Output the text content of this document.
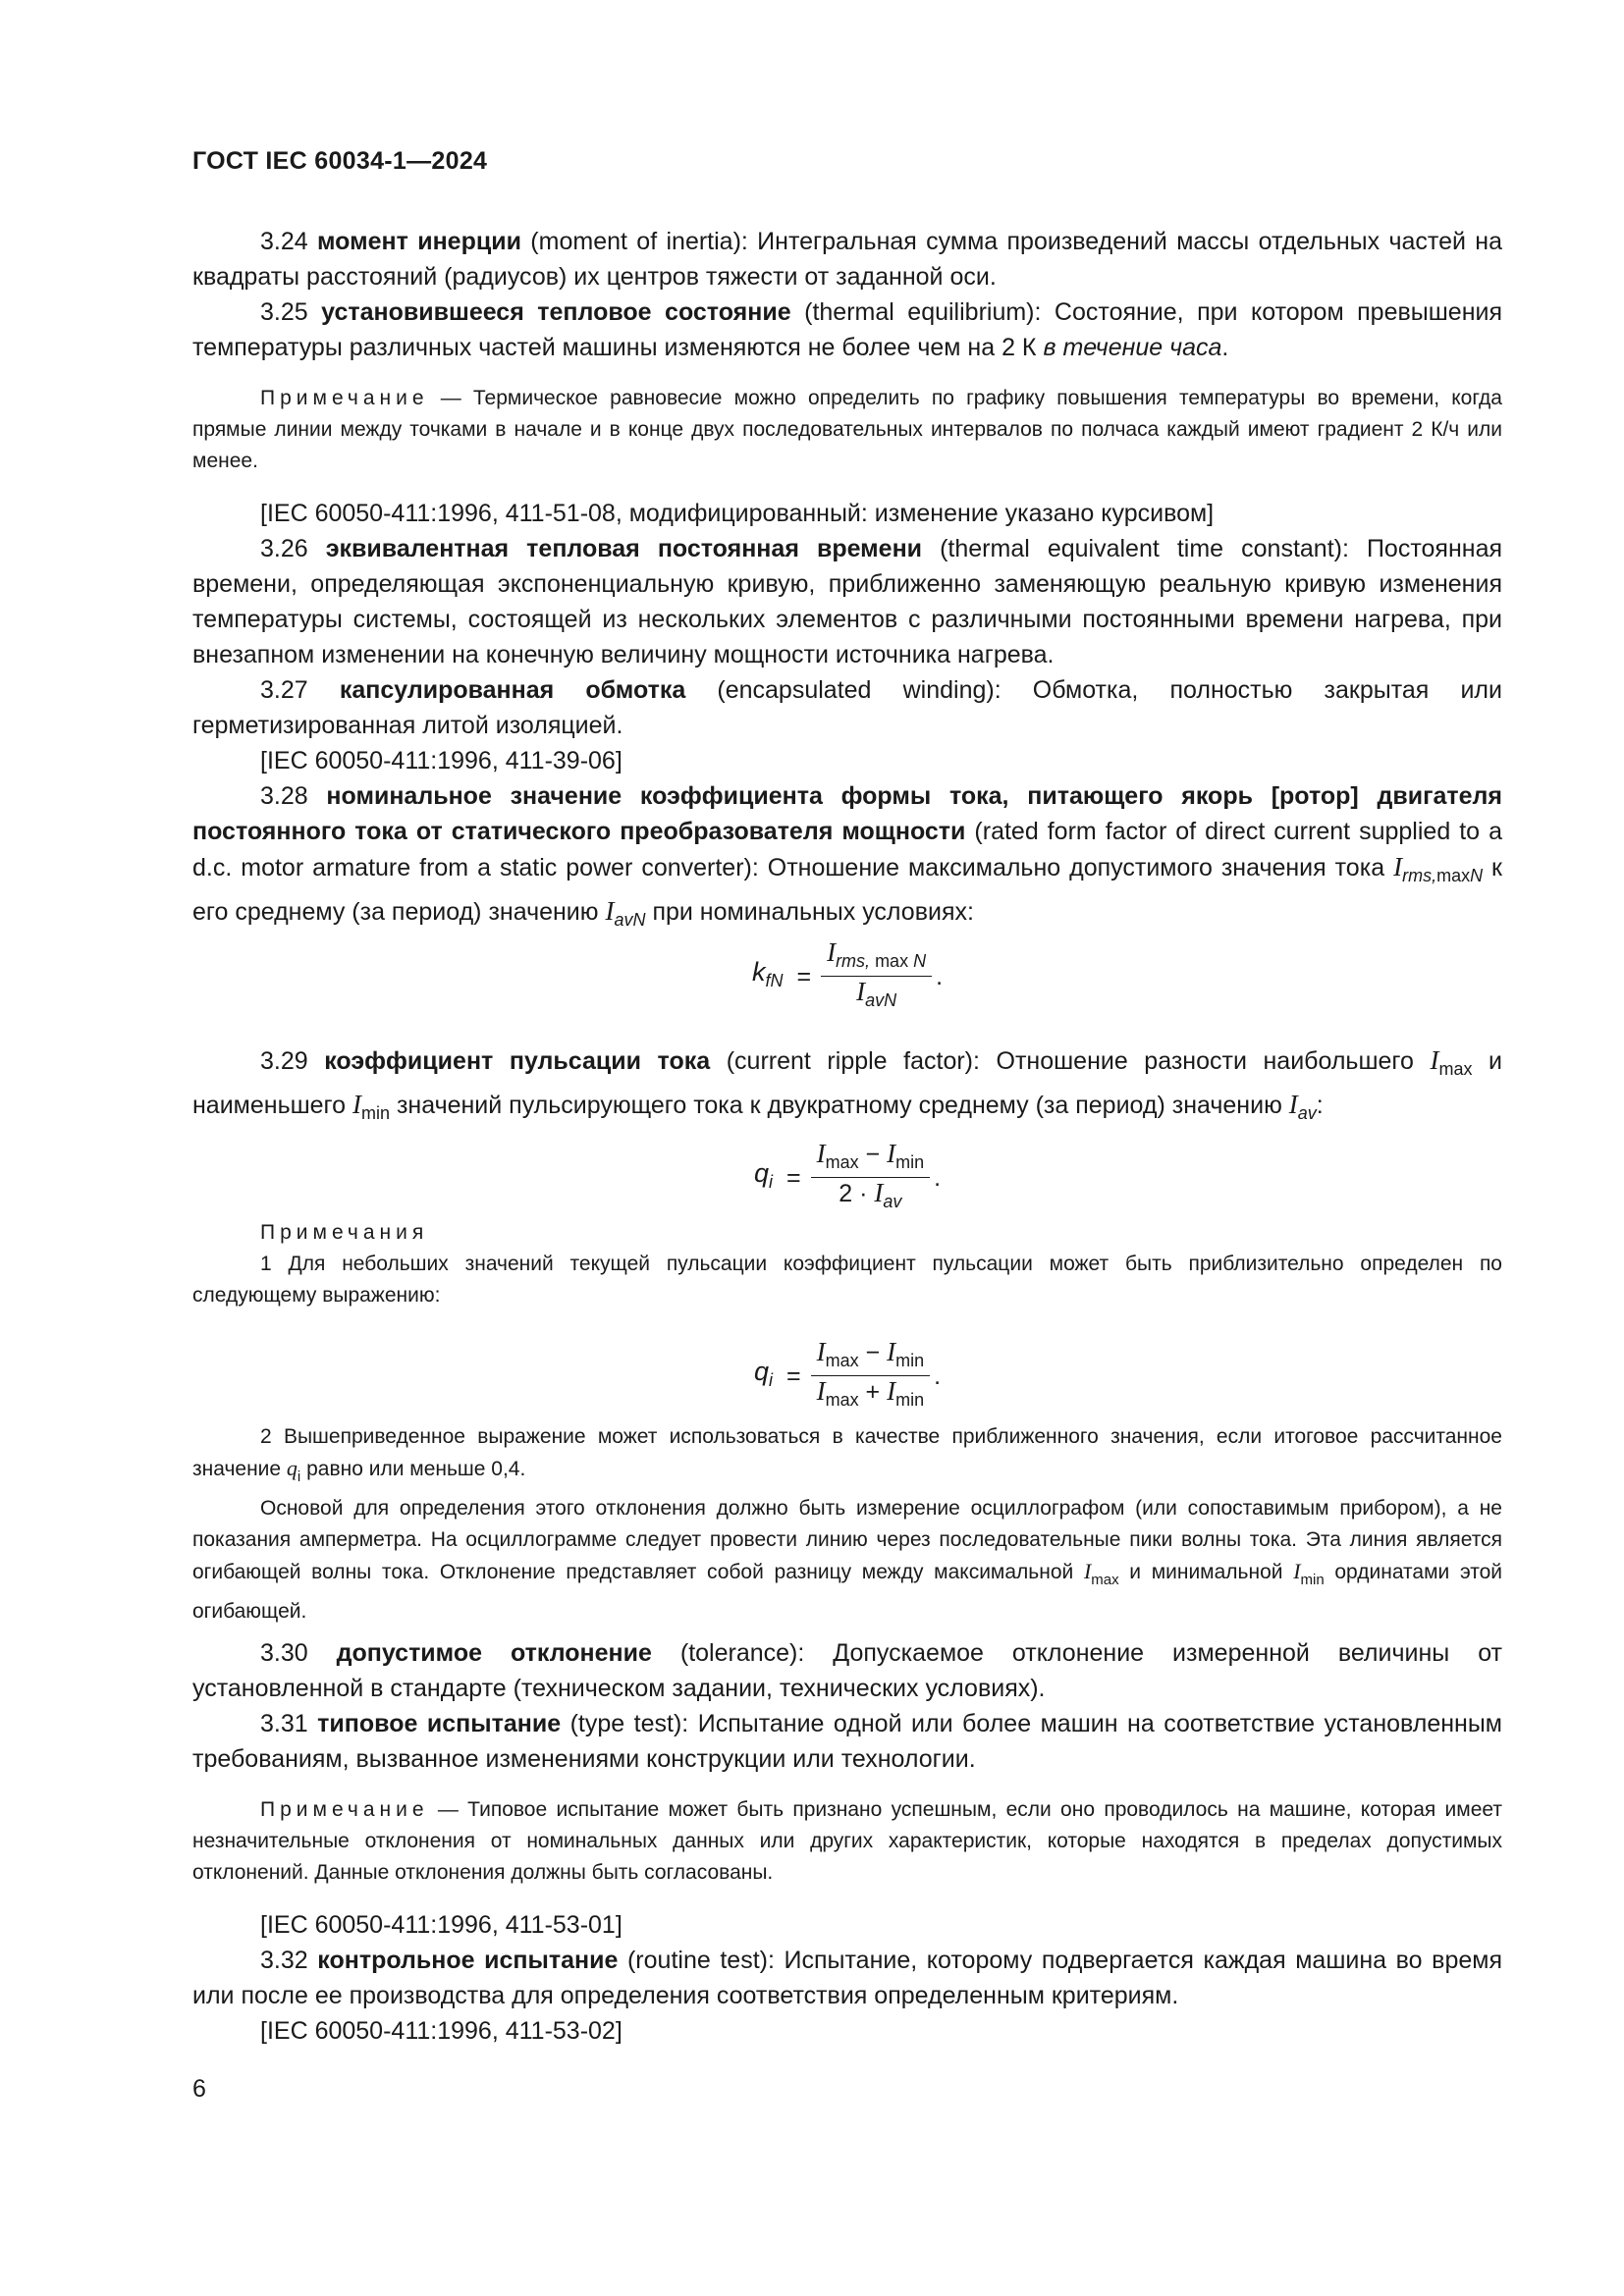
ГОСТ IEC 60034-1—2024

3.24 момент инерции (moment of inertia): Интегральная сумма произведений массы отдельных частей на квадраты расстояний (радиусов) их центров тяжести от заданной оси.

3.25 установившееся тепловое состояние (thermal equilibrium): Состояние, при котором превышения температуры различных частей машины изменяются не более чем на 2 К в течение часа.

Примечание — Термическое равновесие можно определить по графику повышения температуры во времени, когда прямые линии между точками в начале и в конце двух последовательных интервалов по полчаса каждый имеют градиент 2 К/ч или менее.

[IEC 60050-411:1996, 411-51-08, модифицированный: изменение указано курсивом]

3.26 эквивалентная тепловая постоянная времени (thermal equivalent time constant): Постоянная времени, определяющая экспоненциальную кривую, приближенно заменяющую реальную кривую изменения температуры системы, состоящей из нескольких элементов с различными постоянными времени нагрева, при внезапном изменении на конечную величину мощности источника нагрева.

3.27 капсулированная обмотка (encapsulated winding): Обмотка, полностью закрытая или герметизированная литой изоляцией.

[IEC 60050-411:1996, 411-39-06]

3.28 номинальное значение коэффициента формы тока, питающего якорь [ротор] двигателя постоянного тока от статического преобразователя мощности (rated form factor of direct current supplied to a d.c. motor armature from a static power converter): Отношение максимально допустимого значения тока $I_{rms,maxN}$ к его среднему (за период) значению $I_{avN}$ при номинальных условиях:

$k_{fN} = \frac{I_{rms, max N}}{I_{avN}}$ .

3.29 коэффициент пульсации тока (current ripple factor): Отношение разности наибольшего $I_{max}$ и наименьшего $I_{min}$ значений пульсирующего тока к двукратному среднему (за период) значению $I_{av}$:

$q_i = \frac{I_{max} - I_{min}}{2 \cdot I_{av}}$ .

Примечания

1 Для небольших значений текущей пульсации коэффициент пульсации может быть приблизительно определен по следующему выражению:

$q_i = \frac{I_{max} - I_{min}}{I_{max} + I_{min}}$ .

2 Вышеприведенное выражение может использоваться в качестве приближенного значения, если итоговое рассчитанное значение $q_i$ равно или меньше 0,4.

Основой для определения этого отклонения должно быть измерение осциллографом (или сопоставимым прибором), а не показания амперметра. На осциллограмме следует провести линию через последовательные пики волны тока. Эта линия является огибающей волны тока. Отклонение представляет собой разницу между максимальной $I_{max}$ и минимальной $I_{min}$ ординатами этой огибающей.

3.30 допустимое отклонение (tolerance): Допускаемое отклонение измеренной величины от установленной в стандарте (техническом задании, технических условиях).

3.31 типовое испытание (type test): Испытание одной или более машин на соответствие установленным требованиям, вызванное изменениями конструкции или технологии.

Примечание — Типовое испытание может быть признано успешным, если оно проводилось на машине, которая имеет незначительные отклонения от номинальных данных или других характеристик, которые находятся в пределах допустимых отклонений. Данные отклонения должны быть согласованы.

[IEC 60050-411:1996, 411-53-01]

3.32 контрольное испытание (routine test): Испытание, которому подвергается каждая машина во время или после ее производства для определения соответствия определенным критериям.

[IEC 60050-411:1996, 411-53-02]

6
